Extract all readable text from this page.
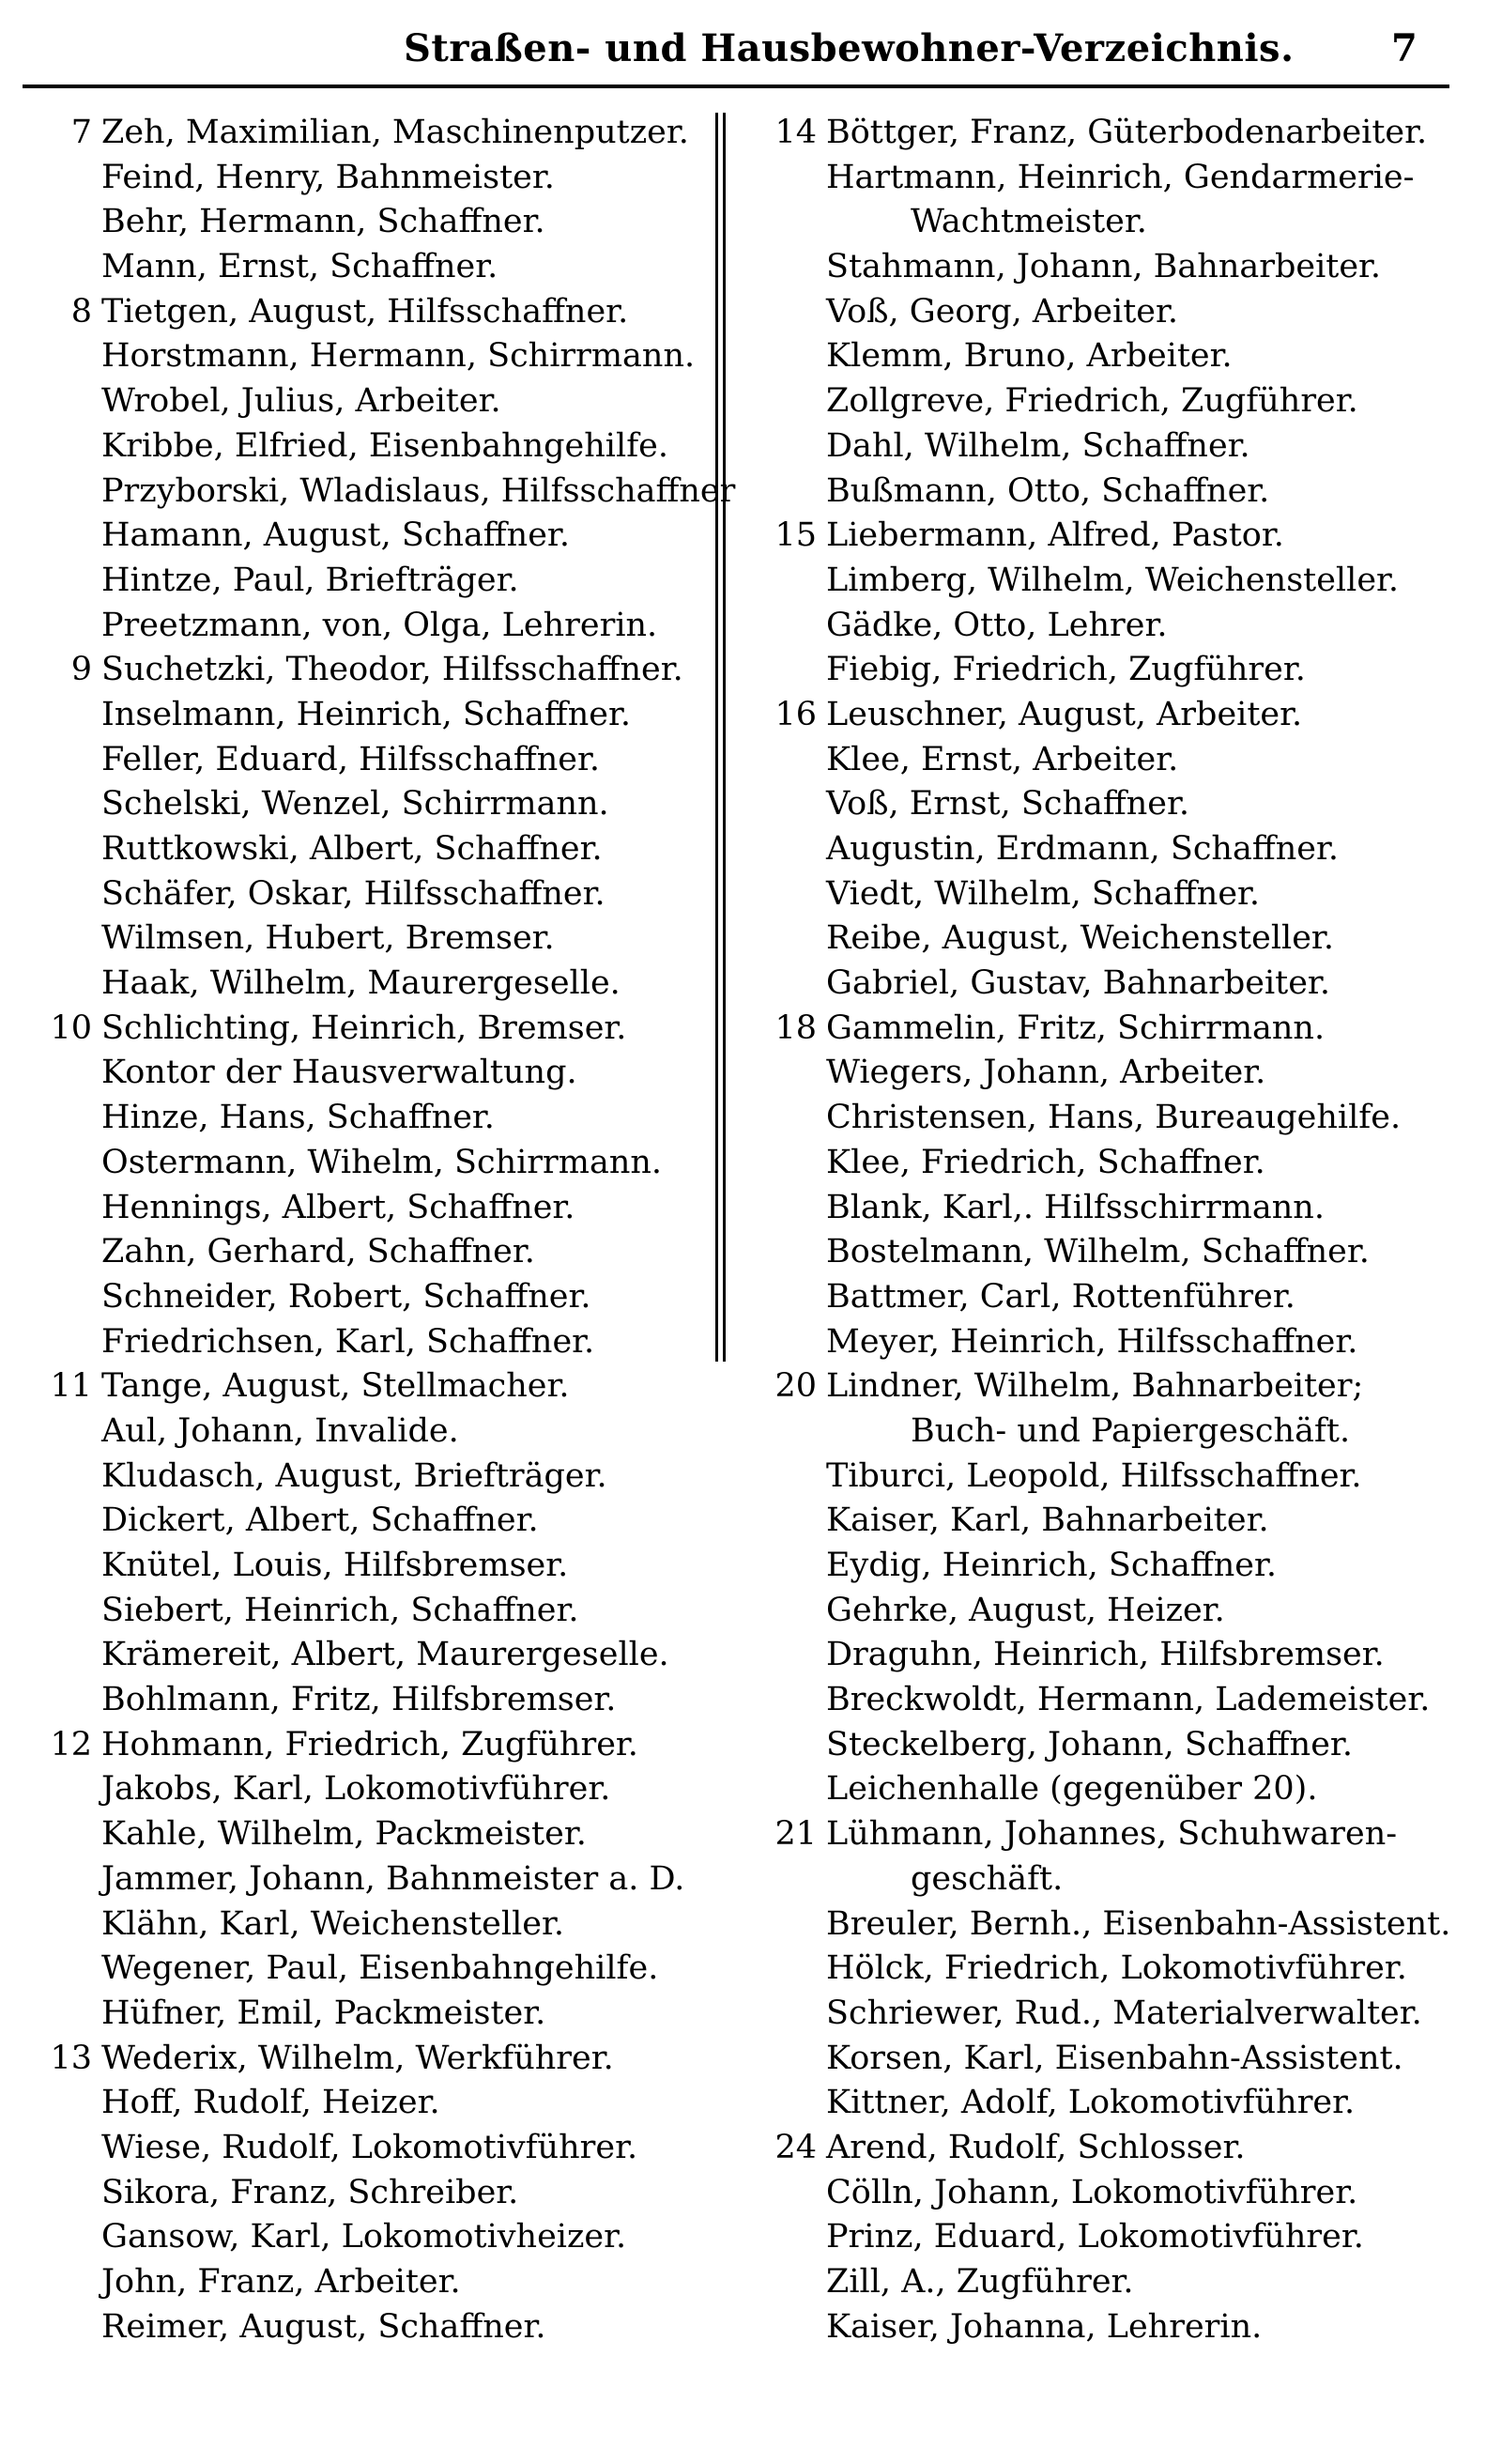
Straßen- und Hausbewohner-Verzeichnis.	7
7 Zeh, Maximilian, Maschinenputzer.
Feind, Henry, Bahnmeister.
Behr, Hermann, Schaffner.
Mann, Ernst, Schaffner.
8 Tietgen, August, Hilfsschaffner.
Horstmann, Hermann, Schirrmann.
Wrobel, Julius, Arbeiter.
Kribbe, Elfried, Eisenbahngehilfe.
Przyborski, Wladislaus, Hilfsschaffner
Hamann, August, Schaffner.
Hintze, Paul, Briefträger.
Preetzmann, von, Olga, Lehrerin.
9 Suchetzki, Theodor, Hilfsschaffner.
Inselmann, Heinrich, Schaffner.
Feller, Eduard, Hilfsschaffner.
Schelski, Wenzel, Schirrmann.
Ruttkowski, Albert, Schaffner.
Schäfer, Oskar, Hilfsschaffner.
Wilmsen, Hubert, Bremser.
Haak, Wilhelm, Maurergeselle.
10 Schlichting, Heinrich, Bremser.
Kontor der Hausverwaltung.
Hinze, Hans, Schaffner.
Ostermann, Wihelm, Schirrmann.
Hennings, Albert, Schaffner.
Zahn, Gerhard, Schaffner.
Schneider, Robert, Schaffner.
Friedrichsen, Karl, Schaffner.
11 Tange, August, Stellmacher.
Aul, Johann, Invalide.
Kludasch, August, Briefträger.
Dickert, Albert, Schaffner.
Knütel, Louis, Hilfsbremser.
Siebert, Heinrich, Schaffner.
Krämereit, Albert, Maurergeselle.
Bohlmann, Fritz, Hilfsbremser.
12 Hohmann, Friedrich, Zugführer.
Jakobs, Karl, Lokomotivführer.
Kahle, Wilhelm, Packmeister.
Jammer, Johann, Bahnmeister a. D.
Klähn, Karl, Weichensteller.
Wegener, Paul, Eisenbahngehilfe.
Hüfner, Emil, Packmeister.
13 Wederix, Wilhelm, Werkführer.
Hoff, Rudolf, Heizer.
Wiese, Rudolf, Lokomotivführer.
Sikora, Franz, Schreiber.
Gansow, Karl, Lokomotivheizer.
John, Franz, Arbeiter.
Reimer, August, Schaffner.
14 Böttger, Franz, Güterbodenarbeiter.
Hartmann, Heinrich, Gendarmerie-
Wachtmeister.
Stahmann, Johann, Bahnarbeiter.
Voß, Georg, Arbeiter.
Klemm, Bruno, Arbeiter.
Zollgreve, Friedrich, Zugführer.
Dahl, Wilhelm, Schaffner.
Bußmann, Otto, Schaffner.
15 Liebermann, Alfred, Pastor.
Limberg, Wilhelm, Weichensteller.
Gädke, Otto, Lehrer.
Fiebig, Friedrich, Zugführer.
16 Leuschner, August, Arbeiter.
Klee, Ernst, Arbeiter.
Voß, Ernst, Schaffner.
Augustin, Erdmann, Schaffner.
Viedt, Wilhelm, Schaffner.
Reibe, August, Weichensteller.
Gabriel, Gustav, Bahnarbeiter.
18 Gammelin, Fritz, Schirrmann.
Wiegers, Johann, Arbeiter.
Christensen, Hans, Bureaugehilfe.
Klee, Friedrich, Schaffner.
Blank, Karl,. Hilfsschirrmann.
Bostelmann, Wilhelm, Schaffner.
Battmer, Carl, Rottenführer.
Meyer, Heinrich, Hilfsschaffner.
20 Lindner, Wilhelm, Bahnarbeiter;
Buch- und Papiergeschäft.
Tiburci, Leopold, Hilfsschaffner.
Kaiser, Karl, Bahnarbeiter.
Eydig, Heinrich, Schaffner.
Gehrke, August, Heizer.
Draguhn, Heinrich, Hilfsbremser.
Breckwoldt, Hermann, Lademeister.
Steckelberg, Johann, Schaffner.
Leichenhalle (gegenüber 20).
21 Lühmann, Johannes, Schuhwaren-
geschäft.
Breuler, Bernh., Eisenbahn-Assistent.
Hölck, Friedrich, Lokomotivführer.
Schriewer, Rud., Materialverwalter.
Korsen, Karl, Eisenbahn-Assistent.
Kittner, Adolf, Lokomotivführer.
24 Arend, Rudolf, Schlosser.
Cölln, Johann, Lokomotivführer.
Prinz, Eduard, Lokomotivführer.
Zill, A., Zugführer.
Kaiser, Johanna, Lehrerin.
